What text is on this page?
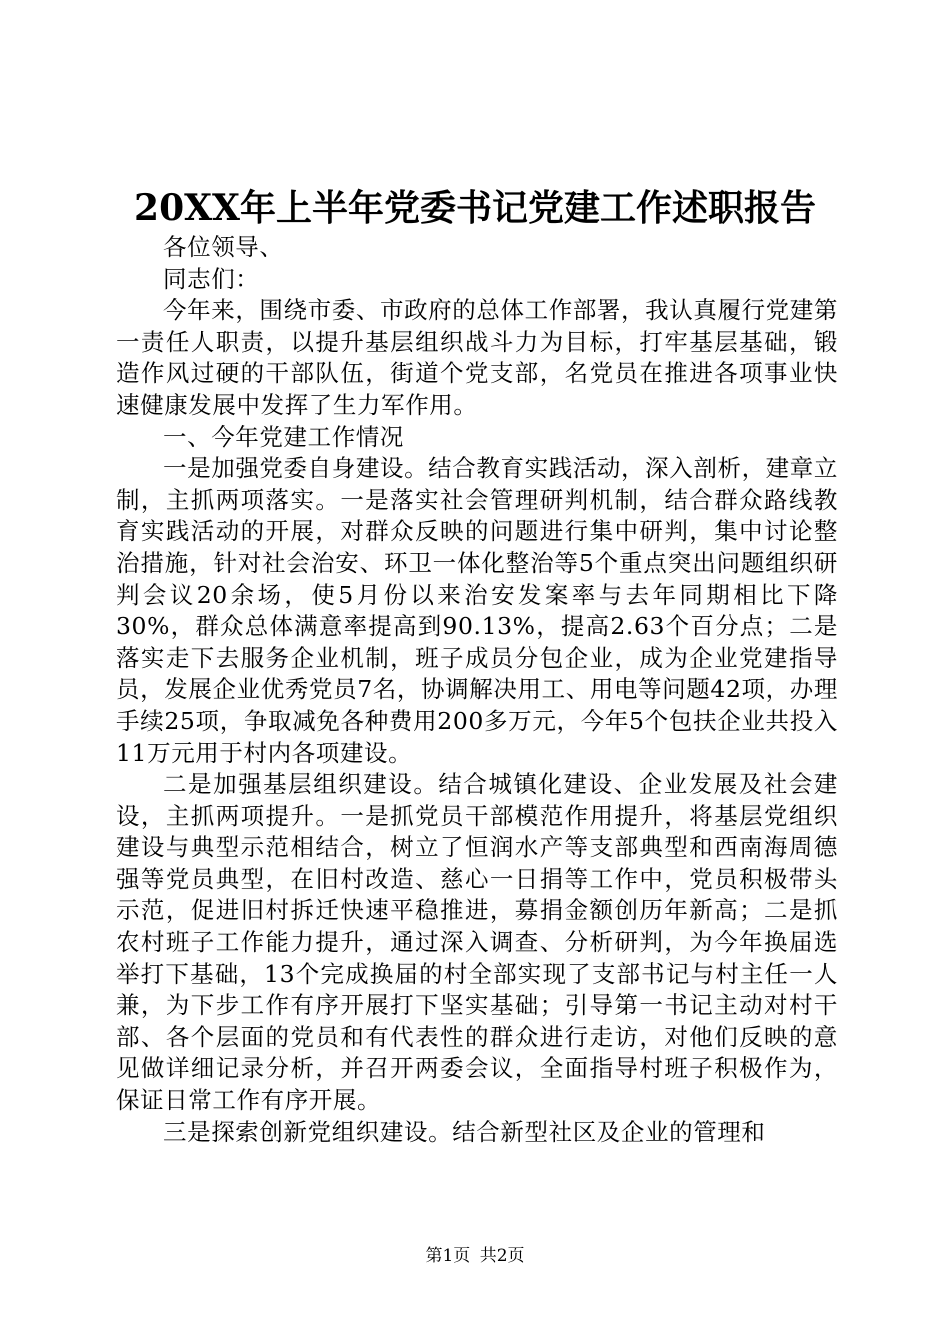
20XX年上半年党委书记党建工作述职报告

各位领导、

同志们：

今年来，围绕市委、市政府的总体工作部署，我认真履行党建第一责任人职责，以提升基层组织战斗力为目标，打牢基层基础，锻造作风过硬的干部队伍，街道个党支部，名党员在推进各项事业快速健康发展中发挥了生力军作用。

一、今年党建工作情况

一是加强党委自身建设。结合教育实践活动，深入剖析，建章立制，主抓两项落实。一是落实社会管理研判机制，结合群众路线教育实践活动的开展，对群众反映的问题进行集中研判，集中讨论整治措施，针对社会治安、环卫一体化整治等5个重点突出问题组织研判会议20余场，使5月份以来治安发案率与去年同期相比下降30%，群众总体满意率提高到90.13%，提高2.63个百分点；二是落实走下去服务企业机制，班子成员分包企业，成为企业党建指导员，发展企业优秀党员7名，协调解决用工、用电等问题42项，办理手续25项，争取减免各种费用200多万元，今年5个包扶企业共投入11万元用于村内各项建设。

二是加强基层组织建设。结合城镇化建设、企业发展及社会建设，主抓两项提升。一是抓党员干部模范作用提升，将基层党组织建设与典型示范相结合，树立了恒润水产等支部典型和西南海周德强等党员典型，在旧村改造、慈心一日捐等工作中，党员积极带头示范，促进旧村拆迁快速平稳推进，募捐金额创历年新高；二是抓农村班子工作能力提升，通过深入调查、分析研判，为今年换届选举打下基础，13个完成换届的村全部实现了支部书记与村主任一人兼，为下步工作有序开展打下坚实基础；引导第一书记主动对村干部、各个层面的党员和有代表性的群众进行走访，对他们反映的意见做详细记录分析，并召开两委会议，全面指导村班子积极作为，保证日常工作有序开展。

三是探索创新党组织建设。结合新型社区及企业的管理和

第1页 共2页
